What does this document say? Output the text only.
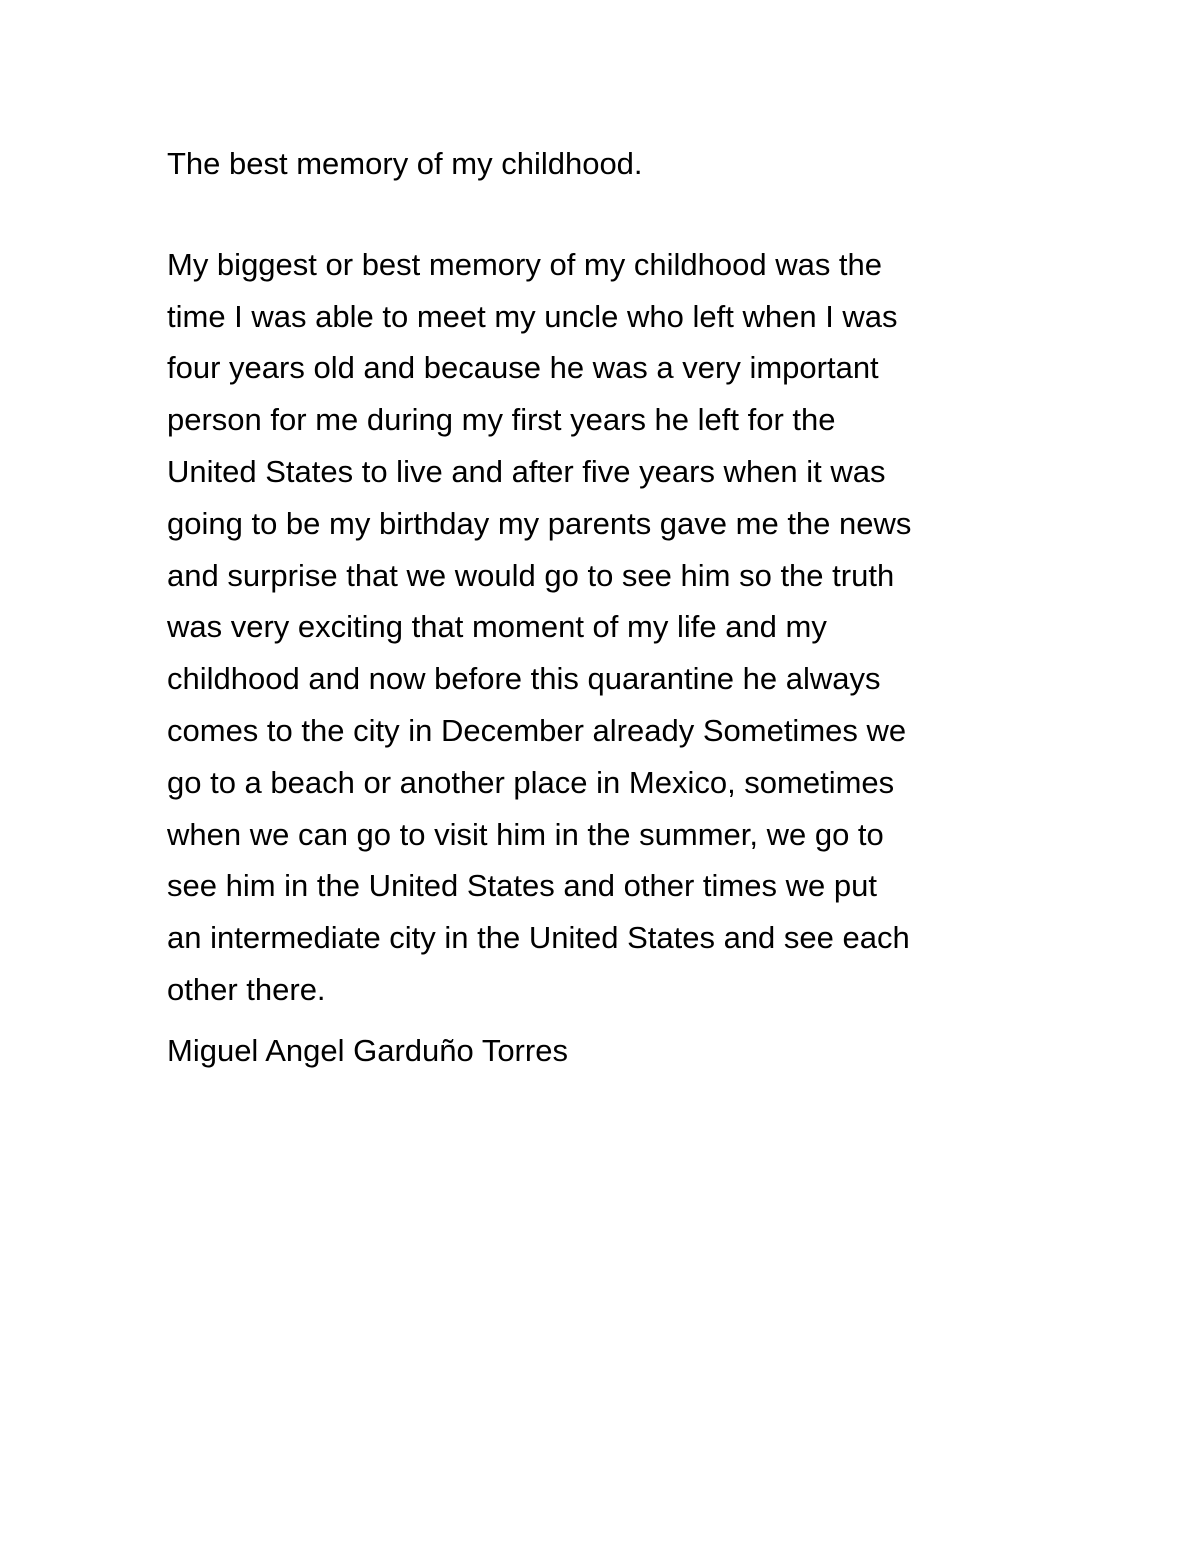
The best memory of my childhood.

My biggest or best memory of my childhood was the
time I was able to meet my uncle who left when I was
four years old and because he was a very important
person for me during my first years he left for the
United States to live and after five years when it was
going to be my birthday my parents gave me the news
and surprise that we would go to see him so the truth
was very exciting that moment of my life and my
childhood and now before this quarantine he always
comes to the city in December already Sometimes we
go to a beach or another place in Mexico, sometimes
when we can go to visit him in the summer, we go to
see him in the United States and other times we put
an intermediate city in the United States and see each
other there.

Miguel Angel Garduño Torres
